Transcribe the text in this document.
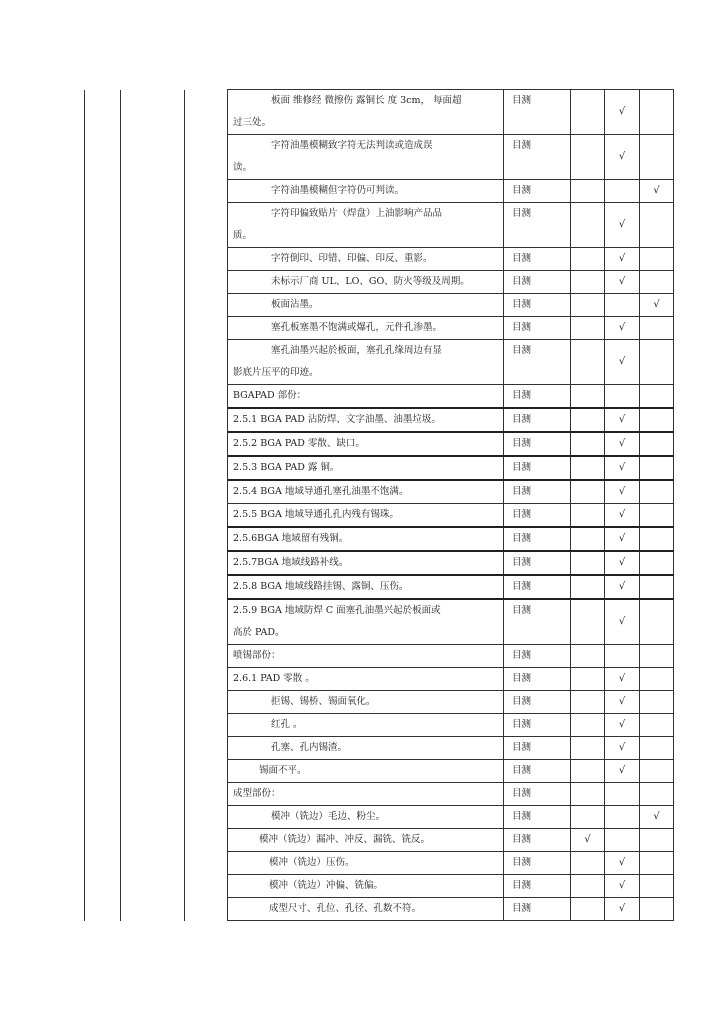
			板面 维修经 微擦伤 露铜长 度 3cm， 每面超
过三处。	目测		√	

			字符油墨模糊致字符无法判读或造成误
读。	目测		√	

			字符油墨模糊但字符仍可判读。	目测			√

			字符印偏致贴片（焊盘）上油影响产品品
质。	目测		√	

			字符倒印、印错、印偏、印反、重影。	目测		√	

			未标示厂商 UL、LO、GO、防火等级及周期。	目测		√	

			板面沾墨。	目测			√

			塞孔板塞墨不饱满或爆孔，元件孔渗墨。	目测		√	

			塞孔油墨兴起於板面，塞孔孔缘周边有显
影底片压平的印迹。	目测		√	

			BGAPAD 部份：	目测			

			2.5.1 BGA PAD 沾防焊、文字油墨、油墨垃圾。	目测		√	

			2.5.2 BGA PAD 零散、缺口。	目测		√	

			2.5.3 BGA PAD 露 铜。	目测		√	

			2.5.4 BGA 地域导通孔塞孔油墨不饱满。	目测		√	

			2.5.5 BGA 地域导通孔孔内残有锡珠。	目测		√	

			2.5.6BGA 地域留有残铜。	目测		√	

			2.5.7BGA 地域线路补线。	目测		√	

			2.5.8 BGA 地域线路挂锡、露铜、压伤。	目测		√	

			2.5.9 BGA 地域防焊 C 面塞孔油墨兴起於板面或
高於 PAD。	目测		√	

			喷锡部份：	目测			

			2.6.1 PAD 零散 。	目测		√	

			拒锡、锡桥、锡面氧化。	目测		√	

			红孔 。	目测		√	

			孔塞、孔内锡渣。	目测		√	

			锡面不平。	目测		√	

			成型部份：	目测			

			模冲（铣边）毛边、粉尘。	目测			√

			模冲（铣边）漏冲、冲反、漏铣、铣反。	目测	√		

			模冲（铣边）压伤。	目测		√	

			模冲（铣边）冲偏、铣偏。	目测		√	

			成型尺寸、孔位、孔径、孔数不符。	目测		√	
